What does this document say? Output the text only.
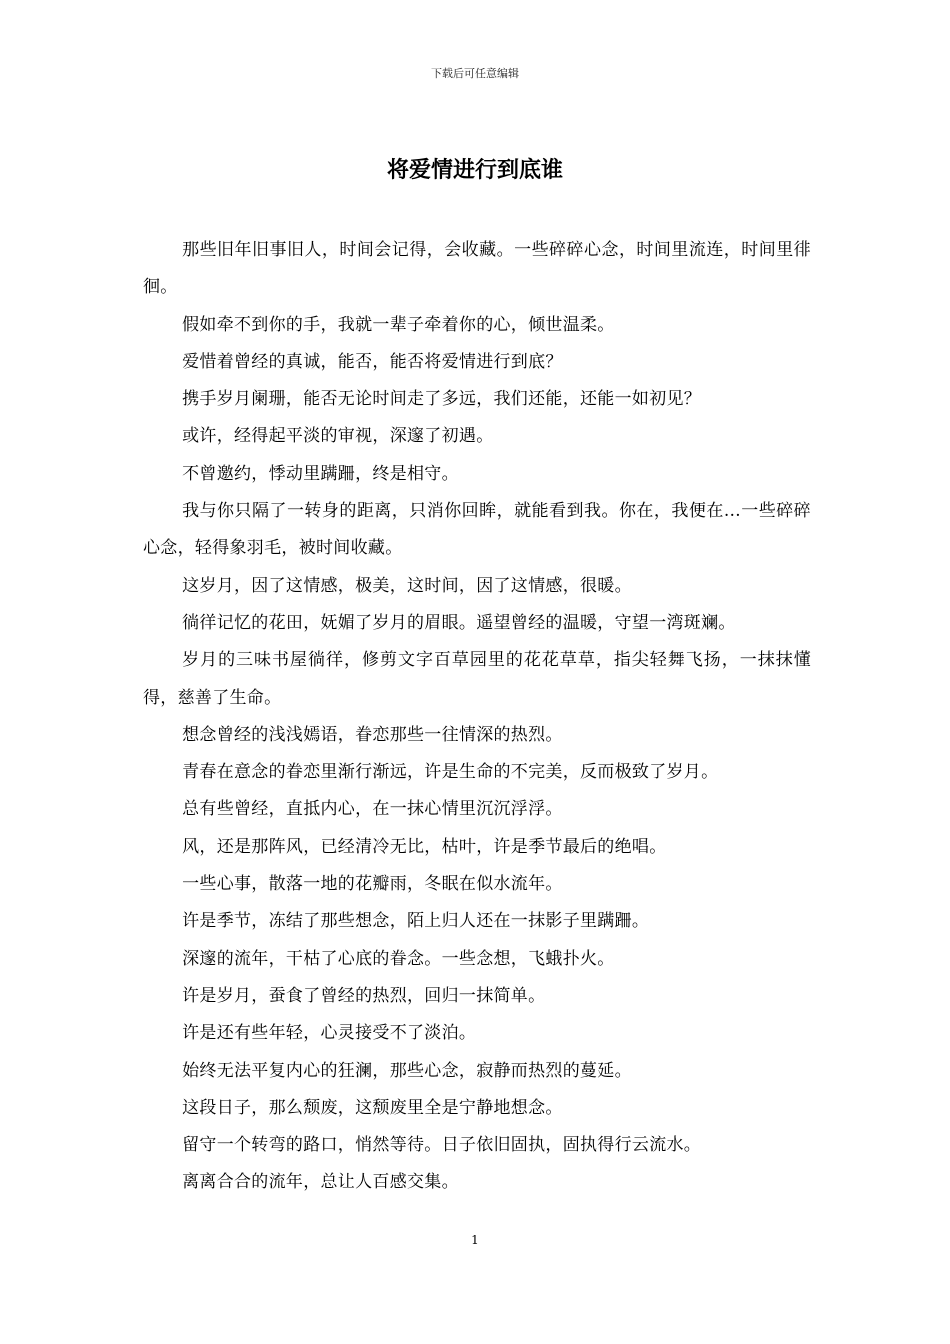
下载后可任意编辑
将爱情进行到底谁

那些旧年旧事旧人，时间会记得，会收藏。一些碎碎心念，时间里流连，时间里徘徊。

假如牵不到你的手，我就一辈子牵着你的心，倾世温柔。

爱惜着曾经的真诚，能否，能否将爱情进行到底？

携手岁月阑珊，能否无论时间走了多远，我们还能，还能一如初见？

或许，经得起平淡的审视，深邃了初遇。

不曾邀约，悸动里蹒跚，终是相守。

我与你只隔了一转身的距离，只消你回眸，就能看到我。你在，我便在…一些碎碎心念，轻得象羽毛，被时间收藏。

这岁月，因了这情感，极美，这时间，因了这情感，很暖。

徜徉记忆的花田，妩媚了岁月的眉眼。遥望曾经的温暖，守望一湾斑斓。

岁月的三味书屋徜徉，修剪文字百草园里的花花草草，指尖轻舞飞扬，一抹抹懂得，慈善了生命。

想念曾经的浅浅嫣语，眷恋那些一往情深的热烈。

青春在意念的眷恋里渐行渐远，许是生命的不完美，反而极致了岁月。

总有些曾经，直抵内心，在一抹心情里沉沉浮浮。

风，还是那阵风，已经清冷无比，枯叶，许是季节最后的绝唱。

一些心事，散落一地的花瓣雨，冬眠在似水流年。

许是季节，冻结了那些想念，陌上归人还在一抹影子里蹒跚。

深邃的流年，干枯了心底的眷念。一些念想，飞蛾扑火。

许是岁月，蚕食了曾经的热烈，回归一抹简单。

许是还有些年轻，心灵接受不了淡泊。

始终无法平复内心的狂澜，那些心念，寂静而热烈的蔓延。

这段日子，那么颓废，这颓废里全是宁静地想念。

留守一个转弯的路口，悄然等待。日子依旧固执，固执得行云流水。

离离合合的流年，总让人百感交集。

1
